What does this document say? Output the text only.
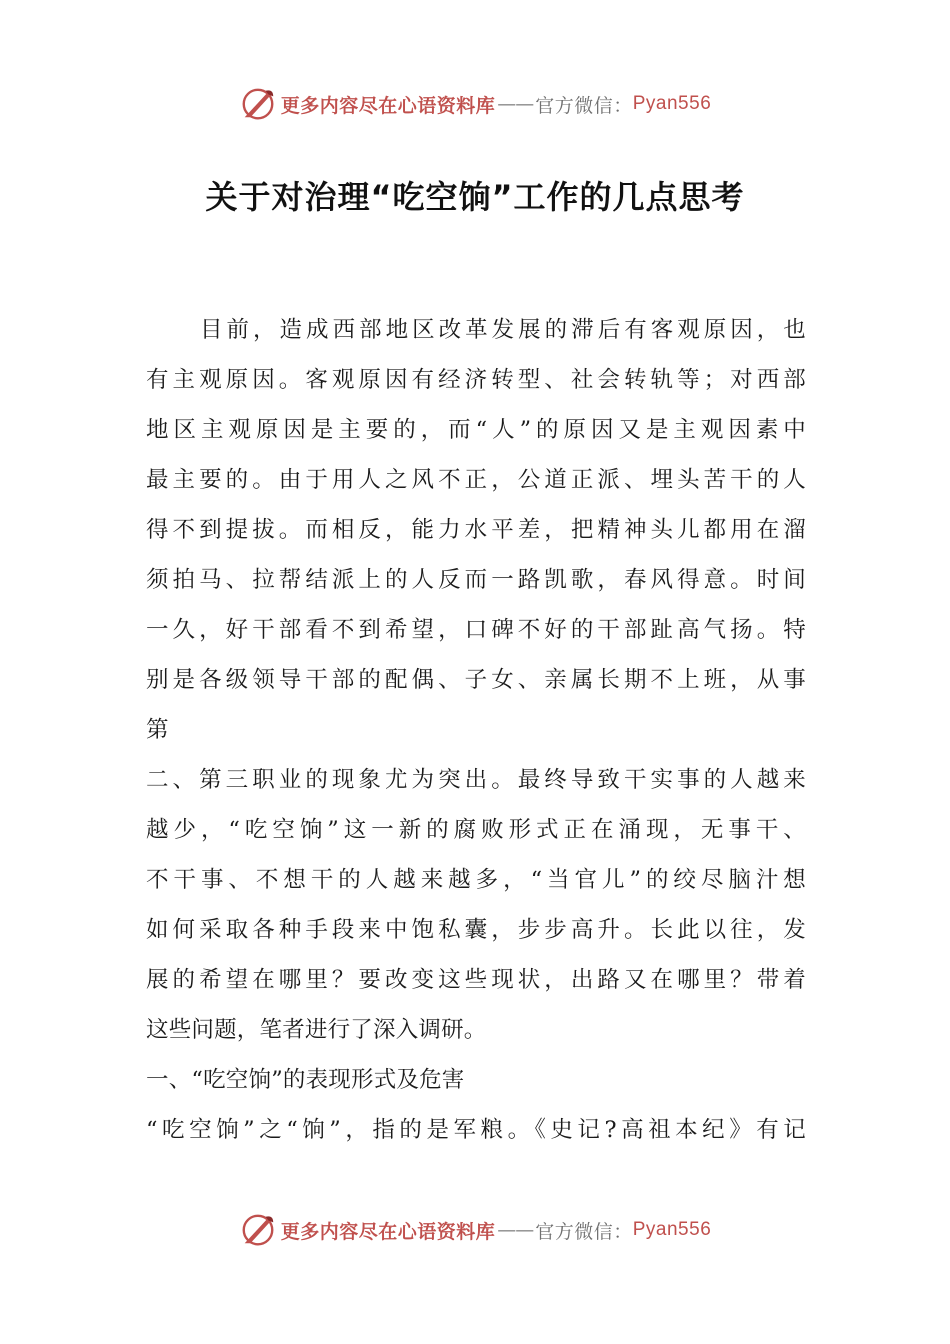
更多内容尽在心语资料库 —— 官方微信： Pyan556
关于对治理“吃空饷”工作的几点思考
目前，造成西部地区改革发展的滞后有客观原因，也
有主观原因。客观原因有经济转型、社会转轨等；对西部
地区主观原因是主要的，而“人”的原因又是主观因素中
最主要的。由于用人之风不正，公道正派、埋头苦干的人
得不到提拔。而相反，能力水平差，把精神头儿都用在溜
须拍马、拉帮结派上的人反而一路凯歌，春风得意。时间
一久，好干部看不到希望，口碑不好的干部趾高气扬。特
别是各级领导干部的配偶、子女、亲属长期不上班，从事
第
二、第三职业的现象尤为突出。最终导致干实事的人越来
越少，“吃空饷”这一新的腐败形式正在涌现，无事干、
不干事、不想干的人越来越多，“当官儿”的绞尽脑汁想
如何采取各种手段来中饱私囊，步步高升。长此以往，发
展的希望在哪里？要改变这些现状，出路又在哪里？带着
这些问题，笔者进行了深入调研。
一、“吃空饷”的表现形式及危害
“吃空饷”之“饷”，指的是军粮。《史记?高祖本纪》有记
更多内容尽在心语资料库 —— 官方微信： Pyan556
